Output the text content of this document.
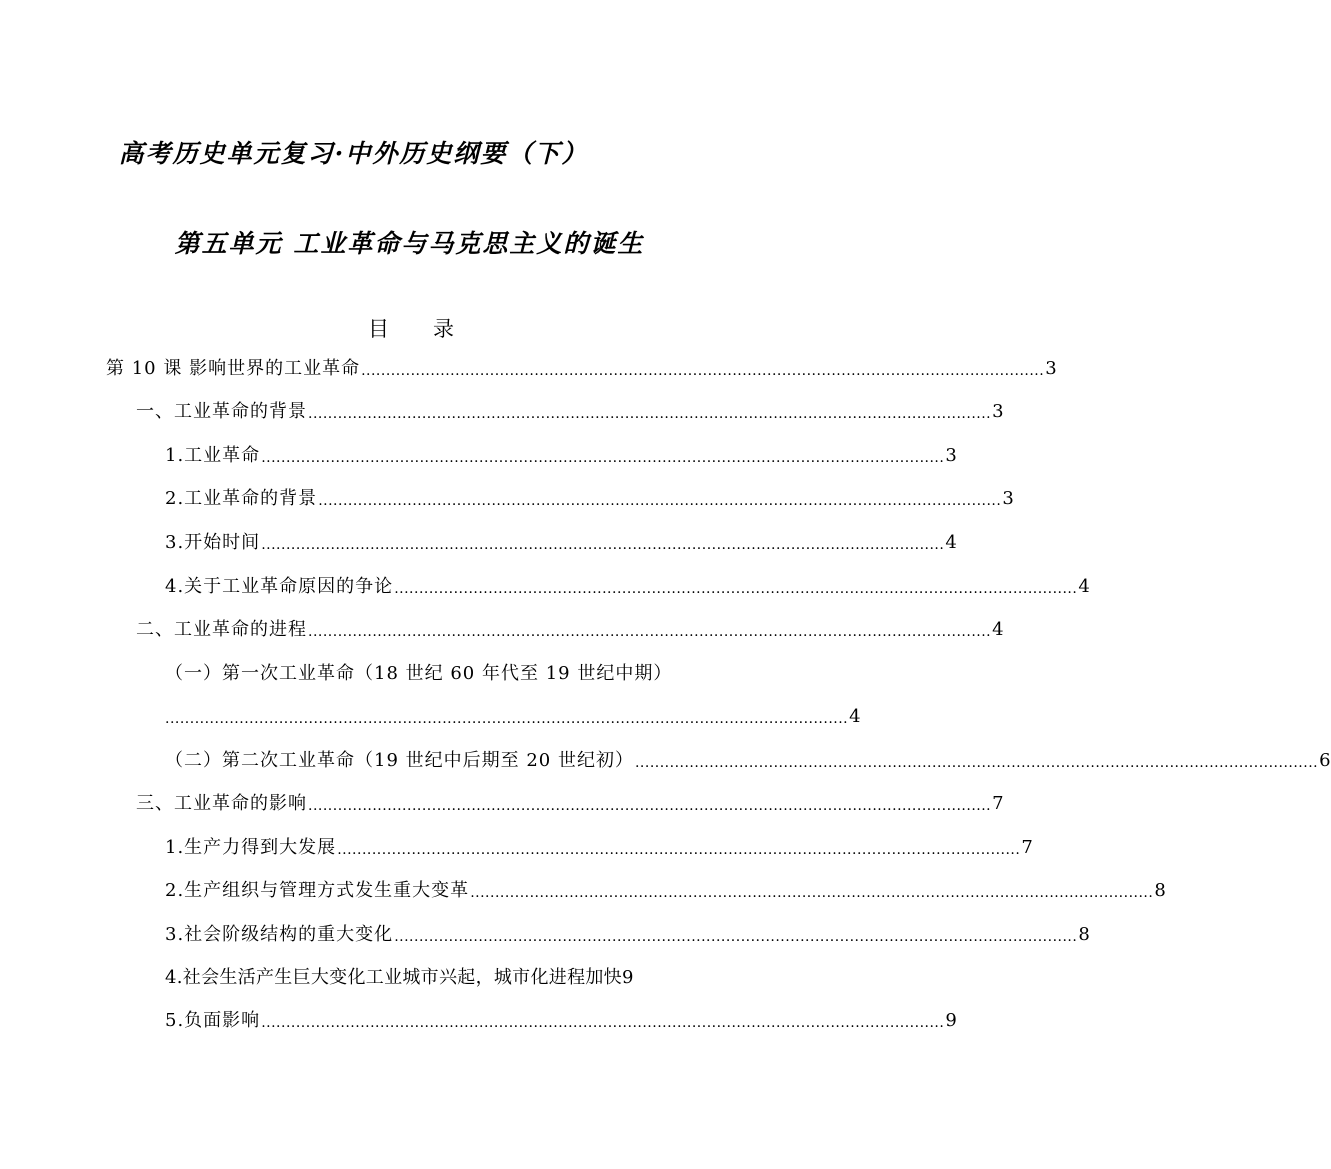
高考历史单元复习·中外历史纲要（下）
第五单元 工业革命与马克思主义的诞生
目录
第 10 课 影响世界的工业革命 .......................................................................................................................................... 3
一、工业革命的背景 .......................................................................................................................................... 3
1.工业革命 .......................................................................................................................................... 3
2.工业革命的背景 .......................................................................................................................................... 3
3.开始时间 .......................................................................................................................................... 4
4.关于工业革命原因的争论 .......................................................................................................................................... 4
二、工业革命的进程 .......................................................................................................................................... 4
（一）第一次工业革命（18 世纪 60 年代至 19 世纪中期）
.......................................................................................................................................... 4
（二）第二次工业革命（19 世纪中后期至 20 世纪初） .......................................................................................................................................... 6
三、工业革命的影响 .......................................................................................................................................... 7
1.生产力得到大发展 .......................................................................................................................................... 7
2.生产组织与管理方式发生重大变革 .......................................................................................................................................... 8
3.社会阶级结构的重大变化 .......................................................................................................................................... 8
4.社会生活产生巨大变化工业城市兴起，城市化进程加快 9
5.负面影响 .......................................................................................................................................... 9
